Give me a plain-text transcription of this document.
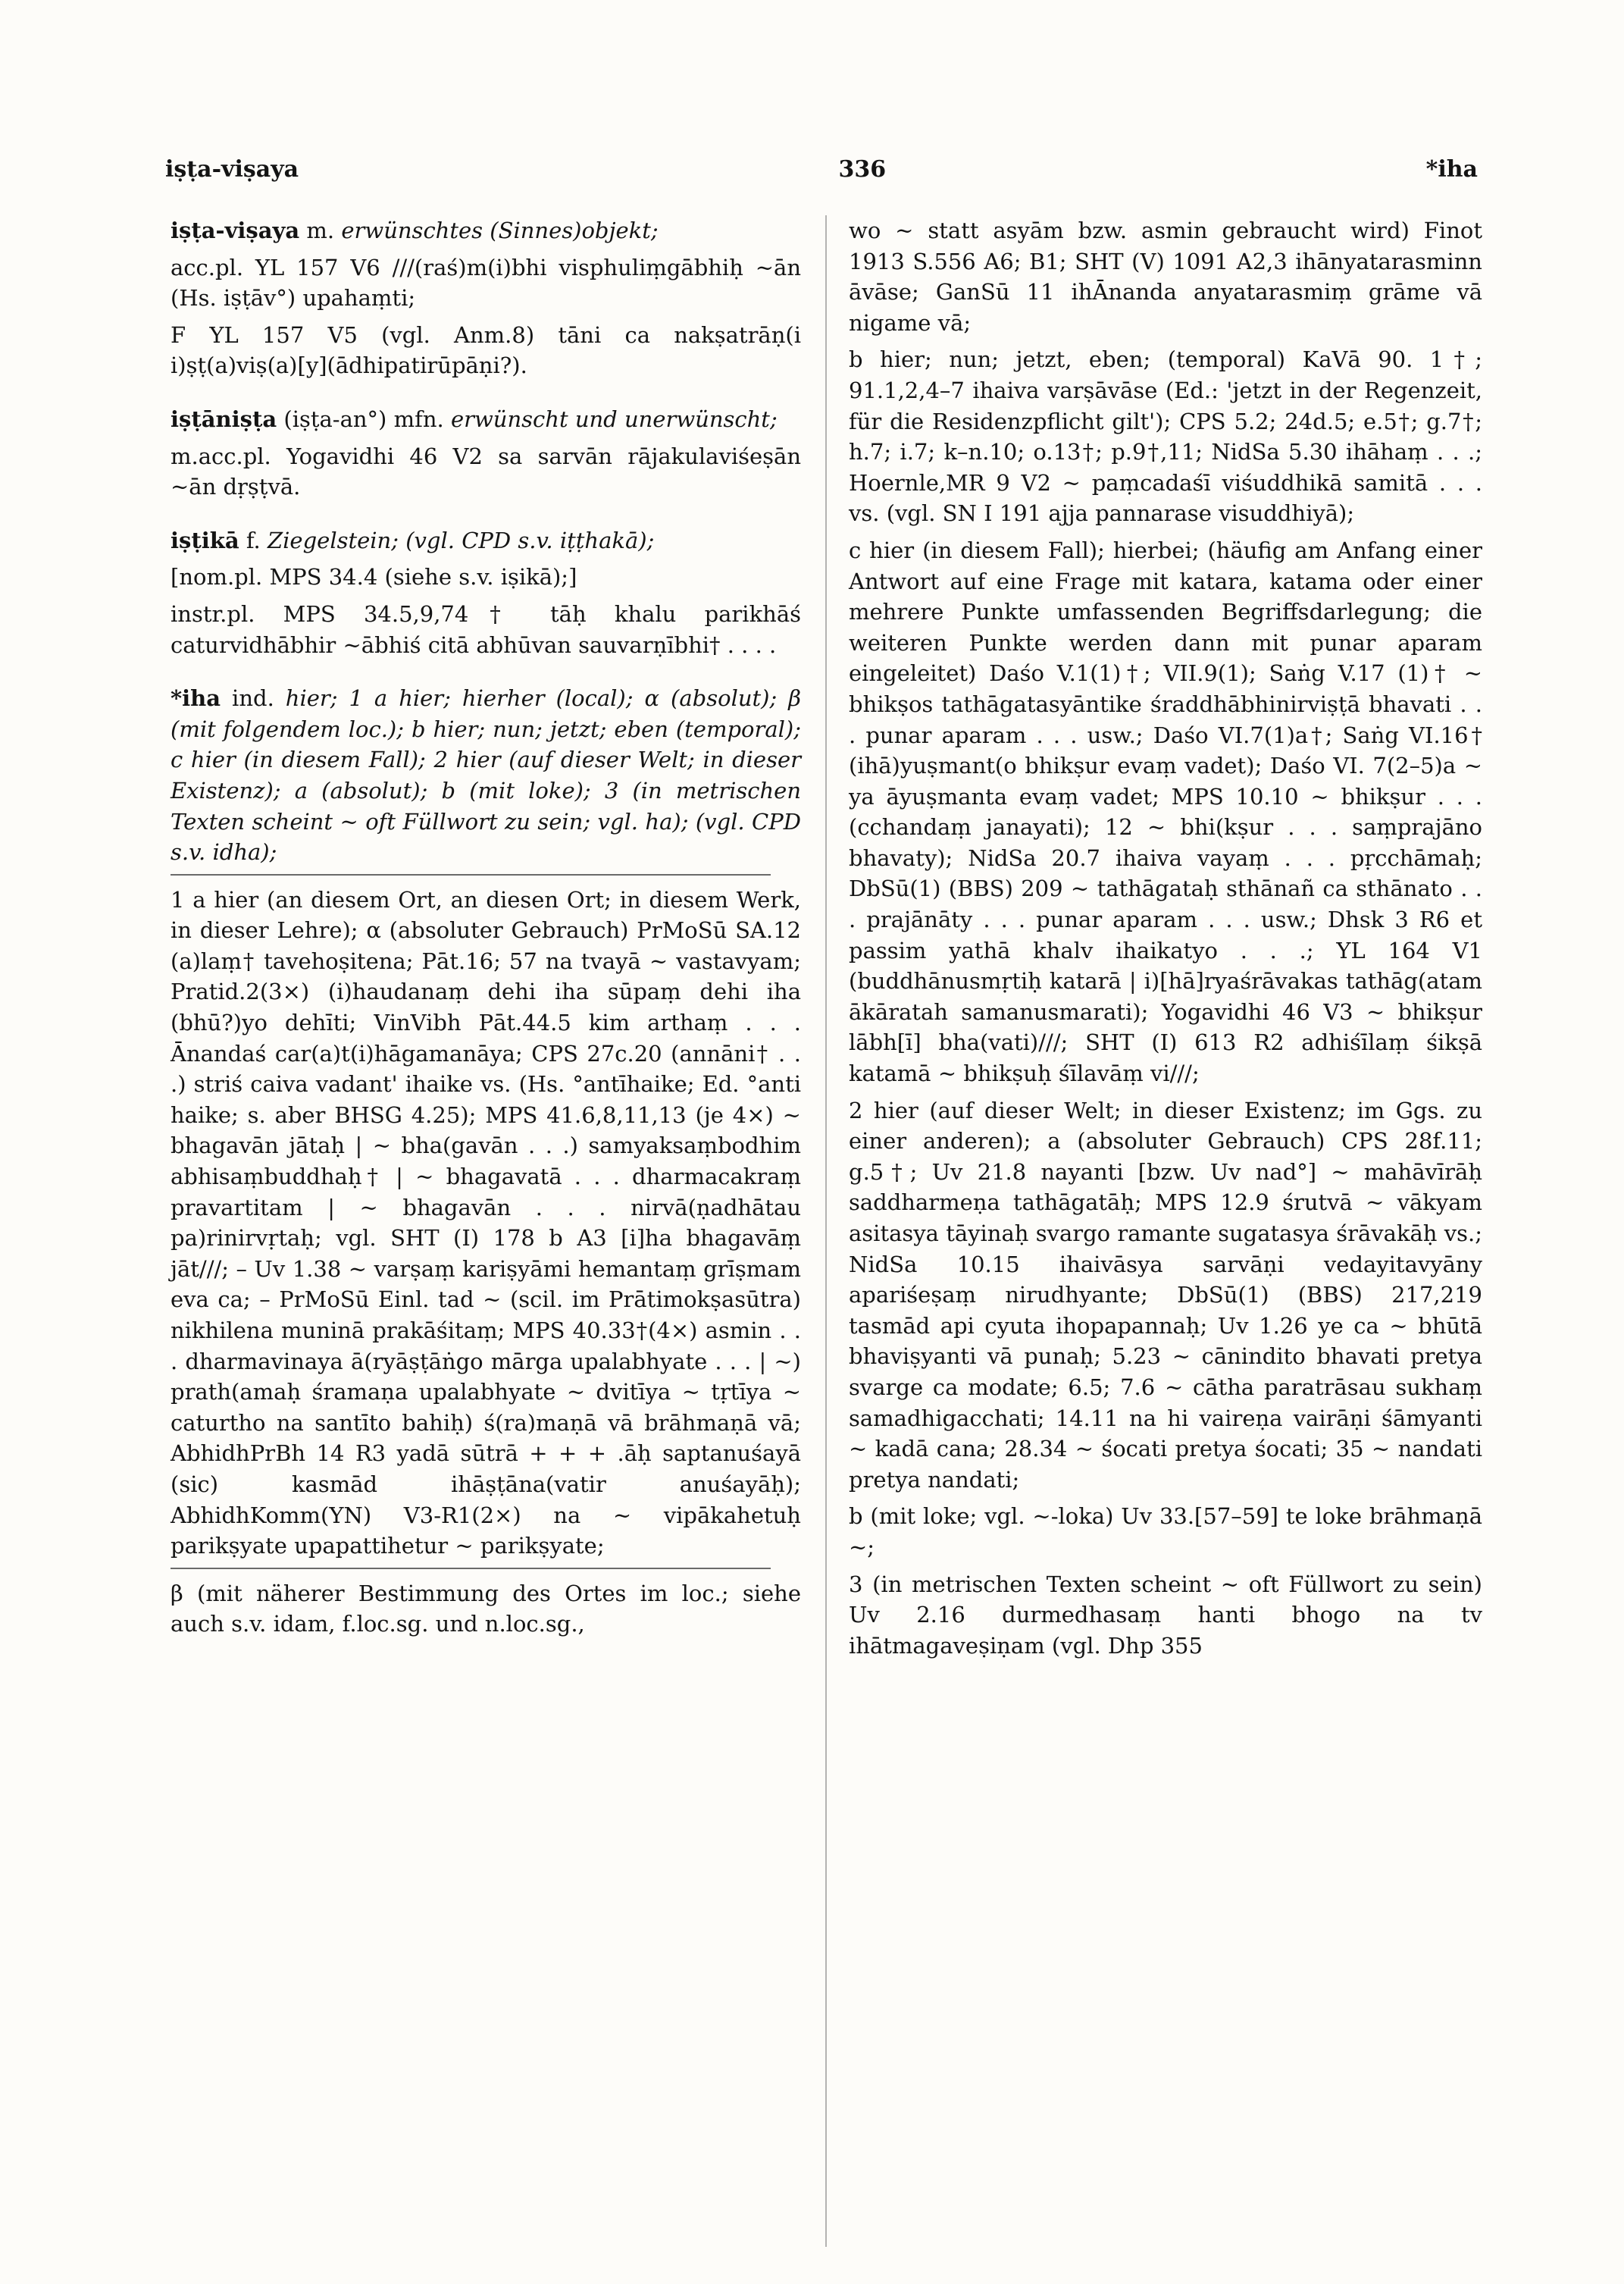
iṣṭa-viṣaya	336	*iha

iṣṭa-viṣaya m. erwünschtes (Sinnes)objekt;

acc.pl. YL 157 V6 ///(raś)m(i)bhi visphuliṃgābhiḥ ~ān (Hs. iṣṭāv°) upahaṃti;

F YL 157 V5 (vgl. Anm.8) tāni ca nakṣatrāṇ(i i)ṣṭ(a)viṣ(a)[y](ādhipatirūpāṇi?).

iṣṭāniṣṭa (iṣṭa-an°) mfn. erwünscht und unerwünscht;

m.acc.pl. Yogavidhi 46 V2 sa sarvān rājakulaviśeṣān ~ān dṛṣṭvā.

iṣṭikā f. Ziegelstein; (vgl. CPD s.v. iṭṭhakā);

[nom.pl. MPS 34.4 (siehe s.v. iṣikā);]

instr.pl. MPS 34.5,9,74† tāḥ khalu parikhāś caturvidhābhir ~ābhiś citā abhūvan sauvarṇībhi† . . . .

*iha ind. hier; 1 a hier; hierher (local); α (absolut); β (mit folgendem loc.); b hier; nun; jetzt; eben (temporal); c hier (in diesem Fall); 2 hier (auf dieser Welt; in dieser Existenz); a (absolut); b (mit loke); 3 (in metrischen Texten scheint ~ oft Füllwort zu sein; vgl. ha); (vgl. CPD s.v. idha);

1 a hier (an diesem Ort, an diesen Ort; in diesem Werk, in dieser Lehre); α (absoluter Gebrauch) PrMoSū SA.12 (a)laṃ† tavehoṣitena; Pāt.16; 57 na tvayā ~ vastavyam; Pratid.2(3×) (i)haudanaṃ dehi iha sūpaṃ dehi iha (bhū?)yo dehīti; VinVibh Pāt.44.5 kim arthaṃ . . . Ānandaś car(a)t(i)hāgamanāya; CPS 27c.20 (annāni† . . .) striś caiva vadant' ihaike vs. (Hs. °antīhaike; Ed. °anti haike; s. aber BHSG 4.25); MPS 41.6,8,11,13 (je 4×) ~ bhagavān jātaḥ | ~ bha(gavān . . .) samyaksaṃbodhim abhisaṃbuddhaḥ† | ~ bhagavatā . . . dharmacakraṃ pravartitam | ~ bhagavān . . . nirvā(ṇadhātau pa)rinirvṛtaḥ; vgl. SHT (I) 178 b A3 [i]ha bhagavāṃ jāt///; – Uv 1.38 ~ varṣaṃ kariṣyāmi hemantaṃ grīṣmam eva ca; – PrMoSū Einl. tad ~ (scil. im Prātimokṣasūtra) nikhilena muninā prakāśitaṃ; MPS 40.33†(4×) asmin . . . dharmavinaya ā(ryāṣṭāṅgo mārga upalabhyate . . . | ~) prath(amaḥ śramaṇa upalabhyate ~ dvitīya ~ tṛtīya ~ caturtho na santīto bahiḥ) ś(ra)maṇā vā brāhmaṇā vā; AbhidhPrBh 14 R3 yadā sūtrā + + + .āḥ saptanuśayā (sic) kasmād ihāṣṭāna(vatir anuśayāḥ); AbhidhKomm(YN) V3-R1(2×) na ~ vipākahetuḥ parikṣyate upapattihetur ~ parikṣyate;

β (mit näherer Bestimmung des Ortes im loc.; siehe auch s.v. idam, f.loc.sg. und n.loc.sg.,

wo ~ statt asyām bzw. asmin gebraucht wird) Finot 1913 S.556 A6; B1; SHT (V) 1091 A2,3 ihānyatarasminn āvāse; GanSū 11 ihĀnanda anyatarasmiṃ grāme vā nigame vā;

b hier; nun; jetzt, eben; (temporal) KaVā 90. 1†; 91.1,2,4–7 ihaiva varṣāvāse (Ed.: 'jetzt in der Regenzeit, für die Residenzpflicht gilt'); CPS 5.2; 24d.5; e.5†; g.7†; h.7; i.7; k–n.10; o.13†; p.9†,11; NidSa 5.30 ihāhaṃ . . .; Hoernle,MR 9 V2 ~ paṃcadaśī viśuddhikā samitā . . . vs. (vgl. SN I 191 ajja pannarase visuddhiyā);

c hier (in diesem Fall); hierbei; (häufig am Anfang einer Antwort auf eine Frage mit katara, katama oder einer mehrere Punkte umfassenden Begriffsdarlegung; die weiteren Punkte werden dann mit punar aparam eingeleitet) Daśo V.1(1)†; VII.9(1); Saṅg V.17 (1)† ~ bhikṣos tathāgatasyāntike śraddhābhinirviṣṭā bhavati . . . punar aparam . . . usw.; Daśo VI.7(1)a†; Saṅg VI.16† (ihā)yuṣmant(o bhikṣur evaṃ vadet); Daśo VI. 7(2–5)a ~ ya āyuṣmanta evaṃ vadet; MPS 10.10 ~ bhikṣur . . . (cchandaṃ janayati); 12 ~ bhi(kṣur . . . saṃprajāno bhavaty); NidSa 20.7 ihaiva vayaṃ . . . pṛcchāmaḥ; DbSū(1) (BBS) 209 ~ tathāgataḥ sthānañ ca sthānato . . . prajānāty . . . punar aparam . . . usw.; Dhsk 3 R6 et passim yathā khalv ihaikatyo . . .; YL 164 V1 (buddhānusmṛtiḥ katarā | i)[hā]ryaśrāvakas tathāg(atam ākāratah samanusmarati); Yogavidhi 46 V3 ~ bhikṣur lābh[ī] bha(vati)///; SHT (I) 613 R2 adhiśīlaṃ śikṣā katamā ~ bhikṣuḥ śīlavāṃ vi///;

2 hier (auf dieser Welt; in dieser Existenz; im Ggs. zu einer anderen); a (absoluter Gebrauch) CPS 28f.11; g.5†; Uv 21.8 nayanti [bzw. Uv nad°] ~ mahāvīrāḥ saddharmeṇa tathāgatāḥ; MPS 12.9 śrutvā ~ vākyam asitasya tāyinaḥ svargo ramante sugatasya śrāvakāḥ vs.; NidSa 10.15 ihaivāsya sarvāṇi vedayitavyāny apariśeṣaṃ nirudhyante; DbSū(1) (BBS) 217,219 tasmād api cyuta ihopapannaḥ; Uv 1.26 ye ca ~ bhūtā bhaviṣyanti vā punaḥ; 5.23 ~ cānindito bhavati pretya svarge ca modate; 6.5; 7.6 ~ cātha paratrāsau sukhaṃ samadhigacchati; 14.11 na hi vaireṇa vairāṇi śāmyanti ~ kadā cana; 28.34 ~ śocati pretya śocati; 35 ~ nandati pretya nandati;

b (mit loke; vgl. ~-loka) Uv 33.[57–59] te loke brāhmaṇā ~;

3 (in metrischen Texten scheint ~ oft Füllwort zu sein) Uv 2.16 durmedhasaṃ hanti bhogo na tv ihātmagaveṣiṇam (vgl. Dhp 355
